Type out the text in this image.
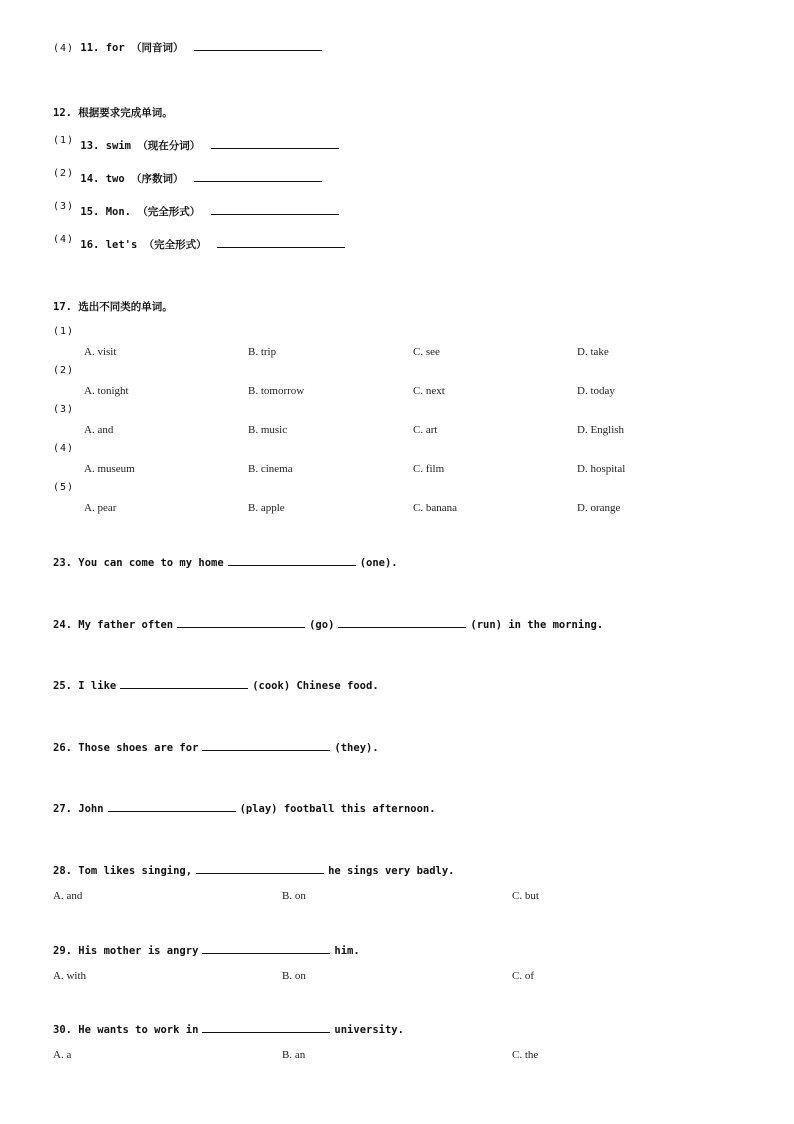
(4) 11. for （同音词）
12. 根据要求完成单词。
(1) 13. swim （现在分词）
(2) 14. two （序数词）
(3) 15. Mon. （完全形式）
(4) 16. let's （完全形式）
17. 选出不同类的单词。
(1)
A. visit	B. trip	C. see	D. take
(2)
A. tonight	B. tomorrow	C. next	D. today
(3)
A. and	B. music	C. art	D. English
(4)
A. museum	B. cinema	C. film	D. hospital
(5)
A. pear	B. apple	C. banana	D. orange
23. You can come to my home	(one).
24. My father often	(go)	(run) in the morning.
25. I like	(cook) Chinese food.
26. Those shoes are for	(they).
27. John	(play) football this afternoon.
28. Tom likes singing,	he sings very badly.
A. and	B. on	C. but
29. His mother is angry	him.
A. with	B. on	C. of
30. He wants to work in	university.
A. a	B. an	C. the
